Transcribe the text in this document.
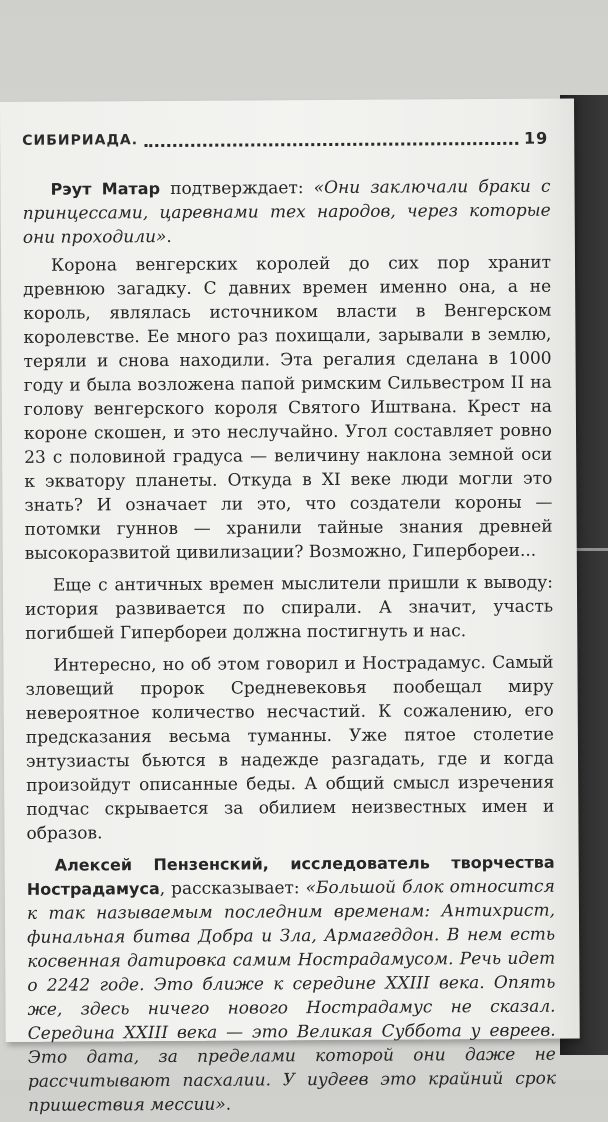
СИБИРИАДА.	19

Рэут Матар подтверждает: «Они заключали браки с принцессами, царевнами тех народов, через которые они проходили».

Корона венгерских королей до сих пор хранит древнюю загадку. С давних времен именно она, а не король, являлась источником власти в Венгерском королевстве. Ее много раз похищали, зарывали в землю, теряли и снова находили. Эта регалия сделана в 1000 году и была возложена папой римским Сильвестром II на голову венгерского короля Святого Иштвана. Крест на короне скошен, и это неслучайно. Угол составляет ровно 23 с половиной градуса — величину наклона земной оси к экватору планеты. Откуда в XI веке люди могли это знать? И означает ли это, что создатели короны — потомки гуннов — хранили тайные знания древней высокоразвитой цивилизации? Возможно, Гипербореи...

Еще с античных времен мыслители пришли к выводу: история развивается по спирали. А значит, участь погибшей Гипербореи должна постигнуть и нас.

Интересно, но об этом говорил и Нострадамус. Самый зловещий пророк Средневековья пообещал миру невероятное количество несчастий. К сожалению, его предсказания весьма туманны. Уже пятое столетие энтузиасты бьются в надежде разгадать, где и когда произойдут описанные беды. А общий смысл изречения подчас скрывается за обилием неизвестных имен и образов.

Алексей Пензенский, исследователь творчества Нострадамуса, рассказывает: «Большой блок относится к так называемым последним временам: Антихрист, финальная битва Добра и Зла, Армагеддон. В нем есть косвенная датировка самим Нострадамусом. Речь идет о 2242 годе. Это ближе к середине XXIII века. Опять же, здесь ничего нового Нострадамус не сказал. Середина XXIII века — это Великая Суббота у евреев. Это дата, за пределами которой они даже не рассчитывают пасхалии. У иудеев это крайний срок пришествия мессии».
